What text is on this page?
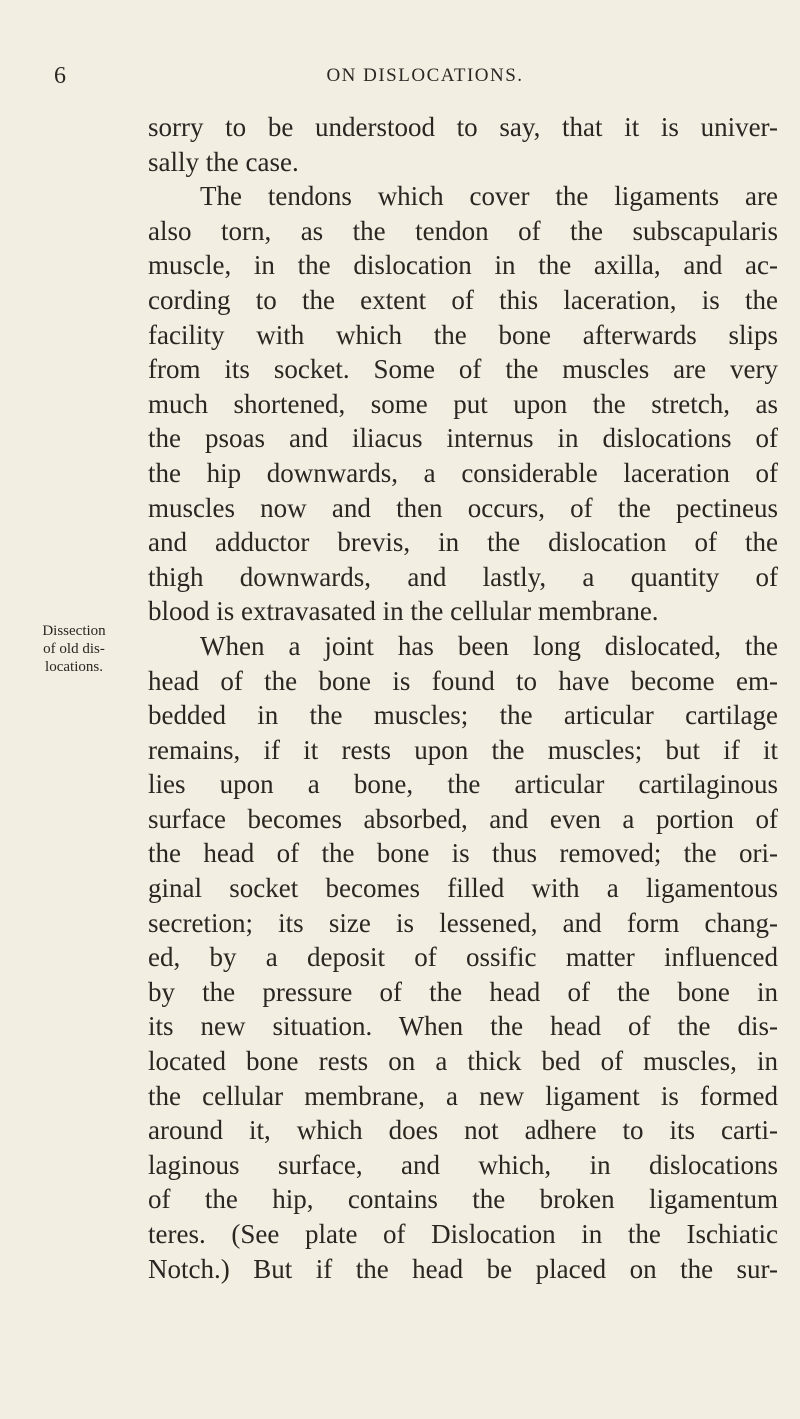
6	ON DISLOCATIONS.
Dissection
of old dis-
locations.
sorry to be understood to say, that it is univer-
sally the case.
The tendons which cover the ligaments are
also torn, as the tendon of the subscapularis
muscle, in the dislocation in the axilla, and ac-
cording to the extent of this laceration, is the
facility with which the bone afterwards slips
from its socket. Some of the muscles are very
much shortened, some put upon the stretch, as
the psoas and iliacus internus in dislocations of
the hip downwards, a considerable laceration of
muscles now and then occurs, of the pectineus
and adductor brevis, in the dislocation of the
thigh downwards, and lastly, a quantity of
blood is extravasated in the cellular membrane.
When a joint has been long dislocated, the
head of the bone is found to have become em-
bedded in the muscles; the articular cartilage
remains, if it rests upon the muscles; but if it
lies upon a bone, the articular cartilaginous
surface becomes absorbed, and even a portion of
the head of the bone is thus removed; the ori-
ginal socket becomes filled with a ligamentous
secretion; its size is lessened, and form chang-
ed, by a deposit of ossific matter influenced
by the pressure of the head of the bone in
its new situation. When the head of the dis-
located bone rests on a thick bed of muscles, in
the cellular membrane, a new ligament is formed
around it, which does not adhere to its carti-
laginous surface, and which, in dislocations
of the hip, contains the broken ligamentum
teres. (See plate of Dislocation in the Ischiatic
Notch.) But if the head be placed on the sur-
